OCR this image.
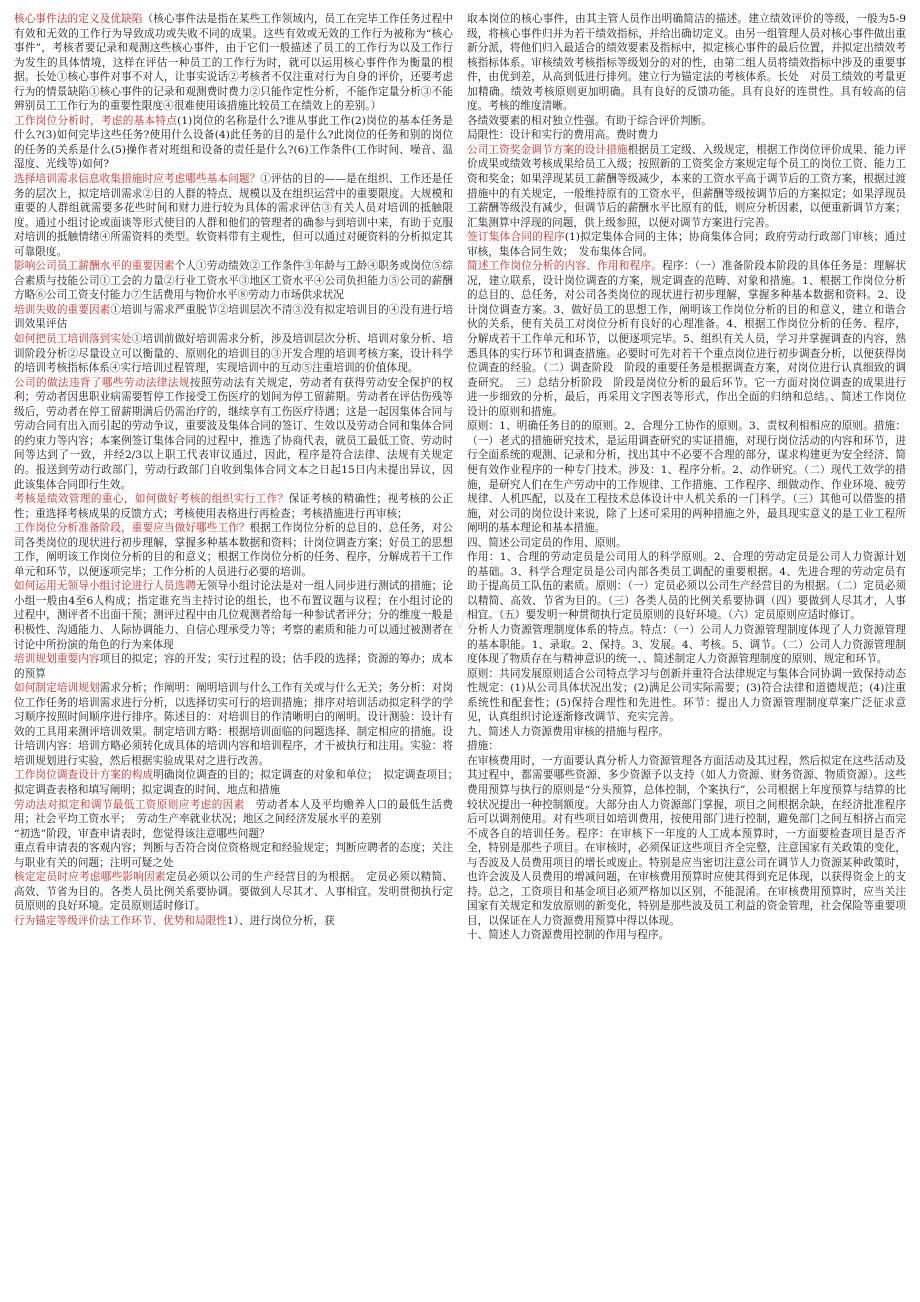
核心事件法的定义及优缺陷（核心事件法是指在某些工作领域内，员工在完毕工作任务过程中有效和无效的工作行为导致成功或失败不同的成果。这些有效或无效的工作行为被称为“核心事件”，考核者要记录和观测这些核心事件，由于它们一般描述了员工的工作行为以及工作行为发生的具体情境，这样在评估一种员工的工作行为时，就可以运用核心事件作为衡量的根据。长处①核心事件对事不对人，让事实说话②考核者不仅注重对行为自身的评价，还要考虑行为的情景缺陷①核心事件的记录和观测费时费力②只能作定性分析，不能作定量分析③不能辨别员工工作行为的重要性限度④很难使用该措施比较员工在绩效上的差别。）

工作岗位分析时，考虑的基本特点(1)岗位的名称是什么?谁从事此工作(2)岗位的基本任务是什么?(3)如何完毕这些任务?使用什么设备(4)此任务的目的是什么?此岗位的任务和别的岗位的任务的关系是什么(5)操作者对班组和设备的责任是什么?(6)工作条件(工作时间、噪音、温湿度、光线等)如何?

选择培训需求信息收集措施时应考虑哪些基本问题？①评估的目的——是在组织、工作还是任务的层次上，拟定培训需求②目的人群的特点、规模以及在组织运营中的重要限度。大规模和重要的人群组就需要多花些时间和财力进行较为具体的需求评估③有关人员对培训的抵触限度。通过小组讨论或面谈等形式使目的人群和他们的管理者的确参与到培训中来，有助于克服对培训的抵触情绪④所需资料的类型。软资料带有主观性，但可以通过对硬资料的分析拟定其可靠限度。

影响公司员工薪酬水平的重要因素个人①劳动绩效②工作条件③年龄与工龄④职务或岗位⑤综合素质与技能公司①工会的力量②行业工资水平③地区工资水平④公司负担能力⑤公司的薪酬方略⑥公司工资支付能力⑦生活费用与物价水平⑧劳动力市场供求状况

培训失败的重要因素①培训与需求严重脱节②培训层次不清③没有拟定培训目的④没有进行培训效果评估

如何把员工培训落到实处①培训前做好培训需求分析，涉及培训层次分析、培训对象分析、培训阶段分析②尽量设立可以衡量的、原则化的培训目的③开发合理的培训考核方案，设计科学的培训考核指标体系④实行培训过程管理，实现培训中的互动⑤注重培训的价值体现。

公司的做法违背了哪些劳动法律法规按照劳动法有关规定，劳动者有获得劳动安全保护的权利；劳动者因患职业病需要暂停工作接受工伤医疗的划间为停工留薪期。劳动者在评估伤残等级后，劳动者在停工留薪期满后仍需治疗的，继续享有工伤医疗待遇；这是一起因集体合同与劳动合同有出入而引起的劳动争议，重要波及集体合同的签订、生效以及劳动合同和集体合同的约束力等内容；本案例签订集体合同的过程中，推选了协商代表，就员工最低工资、劳动时间等达到了一致，并经2/3以上职工代表审议通过，因此，程序是符合法律、法规有关规定的。报送到劳动行政部门，劳动行政部门自收到集体合同文本之日起15日内未提出异议，因此该集体合同即行生效。

考核是绩效管理的重心，如何做好考核的组织实行工作？保证考核的精确性；视考核的公正性；重选择考核成果的反馈方式；考核使用表格进行再检查；考核措施进行再审核；

工作岗位分析准备阶段，重要应当做好哪些工作？根据工作岗位分析的总目的、总任务，对公司各类岗位的现状进行初步理解，掌握多种基本数据和资料；计岗位调查方案；好员工的思想工作，阐明该工作岗位分析的目的和意义；根据工作岗位分析的任务、程序，分解成若干工作单元和环节，以便逐项完毕；工作分析的人员进行必要的培训。

如何运用无领导小组讨论进行人员选聘无领导小组讨论法是对一组人同步进行测试的措施；论小组一般由4至6人构成；指定谁充当主持讨论的组长，也不布置议题与议程；在小组讨论的过程中，测评者不出面干预；测评过程中由几位观测者给每一种参试者评分；分的维度一般是积极性、沟通能力、人际协调能力、自信心理承受力等；考察的素质和能力可以通过被测者在讨论中所扮演的角色的行为来体现

培训规划重要内容项目的拟定；容的开发；实行过程的设；估手段的选择；资源的筹办；成本的预算

如何制定培训规划需求分析；作阐明：阐明培训与什么工作有关或与什么无关；务分析：对岗位工作任务的培训需求进行分析，以选择切实可行的培训措施；排序对培训活动拟定科学的学习顺序按照时间顺序进行排序。陈述目的：对培训目的作清晰明白的阐明。设计测验：设计有效的工具用来测评培训效果。制定培训方略：根据培训面临的问题选择、制定相应的措施。设计培训内容：培训方略必须转化成具体的培训内容和培训程序，才干被执行和注用。实验：将培训规划进行实验，然后根据实验成果对之进行改善。

工作岗位调查设计方案的构成明确岗位调查的目的；拟定调查的对象和单位；　拟定调查项目；　拟定调查表格和填写阐明；拟定调查的时间、地点和措施

劳动法对拟定和调节最低工资原则应考虑的因素　劳动者本人及平均赡养人口的最低生活费用；社会平均工资水平；　劳动生产率就业状况；地区之间经济发展水平的差别

“初选”阶段，审查申请表时，您觉得该注意哪些问题？

重点看申请表的客观内容；判断与否符合岗位资格规定和经验规定；判断应聘者的态度；关注与职业有关的问题；注明可疑之处

核定定员时应考虑哪些影响因素定员必须以公司的生产经营目的为根据。　定员必须以精简、高效、节省为目的。各类人员比例关系要协调。要做到人尽其才、人事相宜。发明贯彻执行定员原则的良好环境。定员原则适时修订。

行为锚定等级评价法工作环节、优势和局限性1）、进行岗位分析，获

取本岗位的核心事件，由其主管人员作出明确简洁的描述。建立绩效评价的等级，一般为5-9级，将核心事件归并为若干绩效指标，并给出确切定义。由另一组管理人员对核心事件做出重新分派，将他们归入最适合的绩效要素及指标中，拟定核心事件的最后位置，并拟定出绩效考核指标体系。审核绩效考核指标等级划分的对的性，由第二组人员将绩效指标中涉及的重要事件，由优到差，从高到低进行排列。建立行为锚定法的考核体系。长处　对员工绩效的考量更加精确。绩效考核原则更加明确。具有良好的反馈功能。具有良好的连贯性。具有较高的信度。考核的维度清晰。

各绩效要素的相对独立性强。有助于综合评价判断。

局限性：设计和实行的费用高。费时费力

公司工资奖金调节方案的设计措施根据员工定级、入级规定，根据工作岗位评价成果、能力评价成果或绩效考核成果给员工入级；按照新的工资奖金方案规定每个员工的岗位工资、能力工资和奖金；如果浮现某员工薪酬等级减少，本来的工资水平高于调节后的工资方案，根据过渡措施中的有关规定，一般维持原有的工资水平，但薪酬等级按调节后的方案拟定；如果浮现员工薪酬等级没有减少，但调节后的薪酬水平比原有的低，则应分析因素，以便重新调节方案；汇集测算中浮现的问题，供上级参照，以便对调节方案进行完善。

签订集体合同的程序(1)拟定集体合同的主体；协商集体合同；政府劳动行政部门审核；通过审核，集体合同生效；　发布集体合同。

简述工作岗位分析的内容、作用和程序。程序：（一）准备阶段本阶段的具体任务是：理解状况，建立联系，设计岗位调查的方案，规定调查的范畴、对象和措施。1、根据工作岗位分析的总目的、总任务，对公司各类岗位的现状进行初步理解，掌握多种基本数据和资料。2、设计岗位调查方案。3、做好员工的思想工作，阐明该工作岗位分析的目的和意义，建立和谐合伙的关系，使有关员工对岗位分析有良好的心理准备。4、根据工作岗位分析的任务、程序，分解成若干工作单元和环节，以便逐项完毕。5、组织有关人员，学习并掌握调查的内容，熟悉具体的实行环节和调查措施。必要时可先对若干个重点岗位进行初步调查分析，以便获得岗位调查的经验。（二）调查阶段　阶段的重要任务是根据调查方案，对岗位进行认真细致的调查研究。　三）总结分析阶段　阶段是岗位分析的最后环节。它一方面对岗位调查的成果进行进一步细致的分析，最后，再采用文字图表等形式，作出全面的归纳和总结。、简述工作岗位设计的原则和措施。

原则：1、明确任务目的的原则。2、合理分工协作的原则。3、责权利相相应的原则。措施：（一）老式的措施研究技术，是运用调查研究的实证措施，对现行岗位活动的内容和环节，进行全面系统的观测、记录和分析，找出其中不必要不合理的部分，谋求构建更为安全经济、简便有效作业程序的一种专门技术。涉及：1、程序分析。2、动作研究。（二）现代工效学的措施，是研究人们在生产劳动中的工作规律、工作措施、工作程序、细做动作、作业环境、疲劳规律、人机匹配，以及在工程技术总体设计中人机关系的一门科学。（三）其他可以借鉴的措施，对公司的岗位设计来说，除了上述可采用的两种措施之外，最具现实意义的是工业工程所阐明的基本理论和基本措施。

四、简述公司定员的作用、原则。

作用：1、合理的劳动定员是公司用人的科学原则。2、合理的劳动定员是公司人力资源计划的基础。3、科学合理定员是公司内部各类员工调配的重要根据。4、先进合理的劳动定员有助于提高员工队伍的素质。原则：（一）定员必须以公司生产经营目的为根据。（二）定员必须以精简、高效、节省为目的。（三）各类人员的比例关系要协调（四）要做到人尽其才，人事相宜。（五）要发明一种贯彻执行定员原则的良好环境。（六）定员原则应适时修订。

分析人力资源管理制度体系的特点。特点：（一）公司人力资源管理制度体现了人力资源管理的基本职能。1、录取。2、保持。3、发展。4、考核。5、调节。（二）公司人力资源管理制度体现了物质存在与精神意识的统一、、简述制定人力资源管理制度的原则、规定和环节。

原则：共同发展原则适合公司特点学习与创新并重符合法律规定与集体合同协调一致保持动态性规定：(1)从公司具体状况出发；(2)满足公司实际需要；(3)符合法律和道德规范；(4)注重系统性和配套性；(5)保持合理性和先进性。环节：提出人力资源管理制度草案广泛征求意见，认真组织讨论逐渐修改调节、充实完善。

九、简述人力资源费用审核的措施与程序。

措施：

在审核费用时，一方面要认真分析人力资源管理各方面活动及其过程，然后拟定在这些活动及其过程中，都需要哪些资源、多少资源予以支持（如人力资源、财务资源、物质资源）。这些费用预算与执行的原则是“分头预算，总体控制，个案执行”，公司根据上年度预算与结算的比较状况提出一种控制额度。大部分由人力资源部门掌握，项目之间根据余缺，在经济批准程序后可以调剂使用。对有些项目如培训费用，按使用部门进行控制，避免部门之间互相挤占而完不成各自的培训任务。程序：在审核下一年度的人工成本预算时，一方面要检查项目是否齐全，特别是那些子项目。在审核时，必须保证这些项目齐全完整，注意国家有关政策的变化，与否波及人员费用项目的增长或废止。特别是应当密切注意公司在调节人力资源某种政策时，也许会波及人员费用的增减问题，在审核费用预算时应使其得到充足体现，以获得资金上的支持。总之，工资项目和基金项目必须严格加以区别，不能混淆。在审核费用预算时，应当关注国家有关规定和发放原则的新变化，特别是那些波及员工利益的资金管理，社会保险等重要项目，以保证在人力资源费用预算中得以体现。

十、简述人力资源费用控制的作用与程序。

www.zixin
